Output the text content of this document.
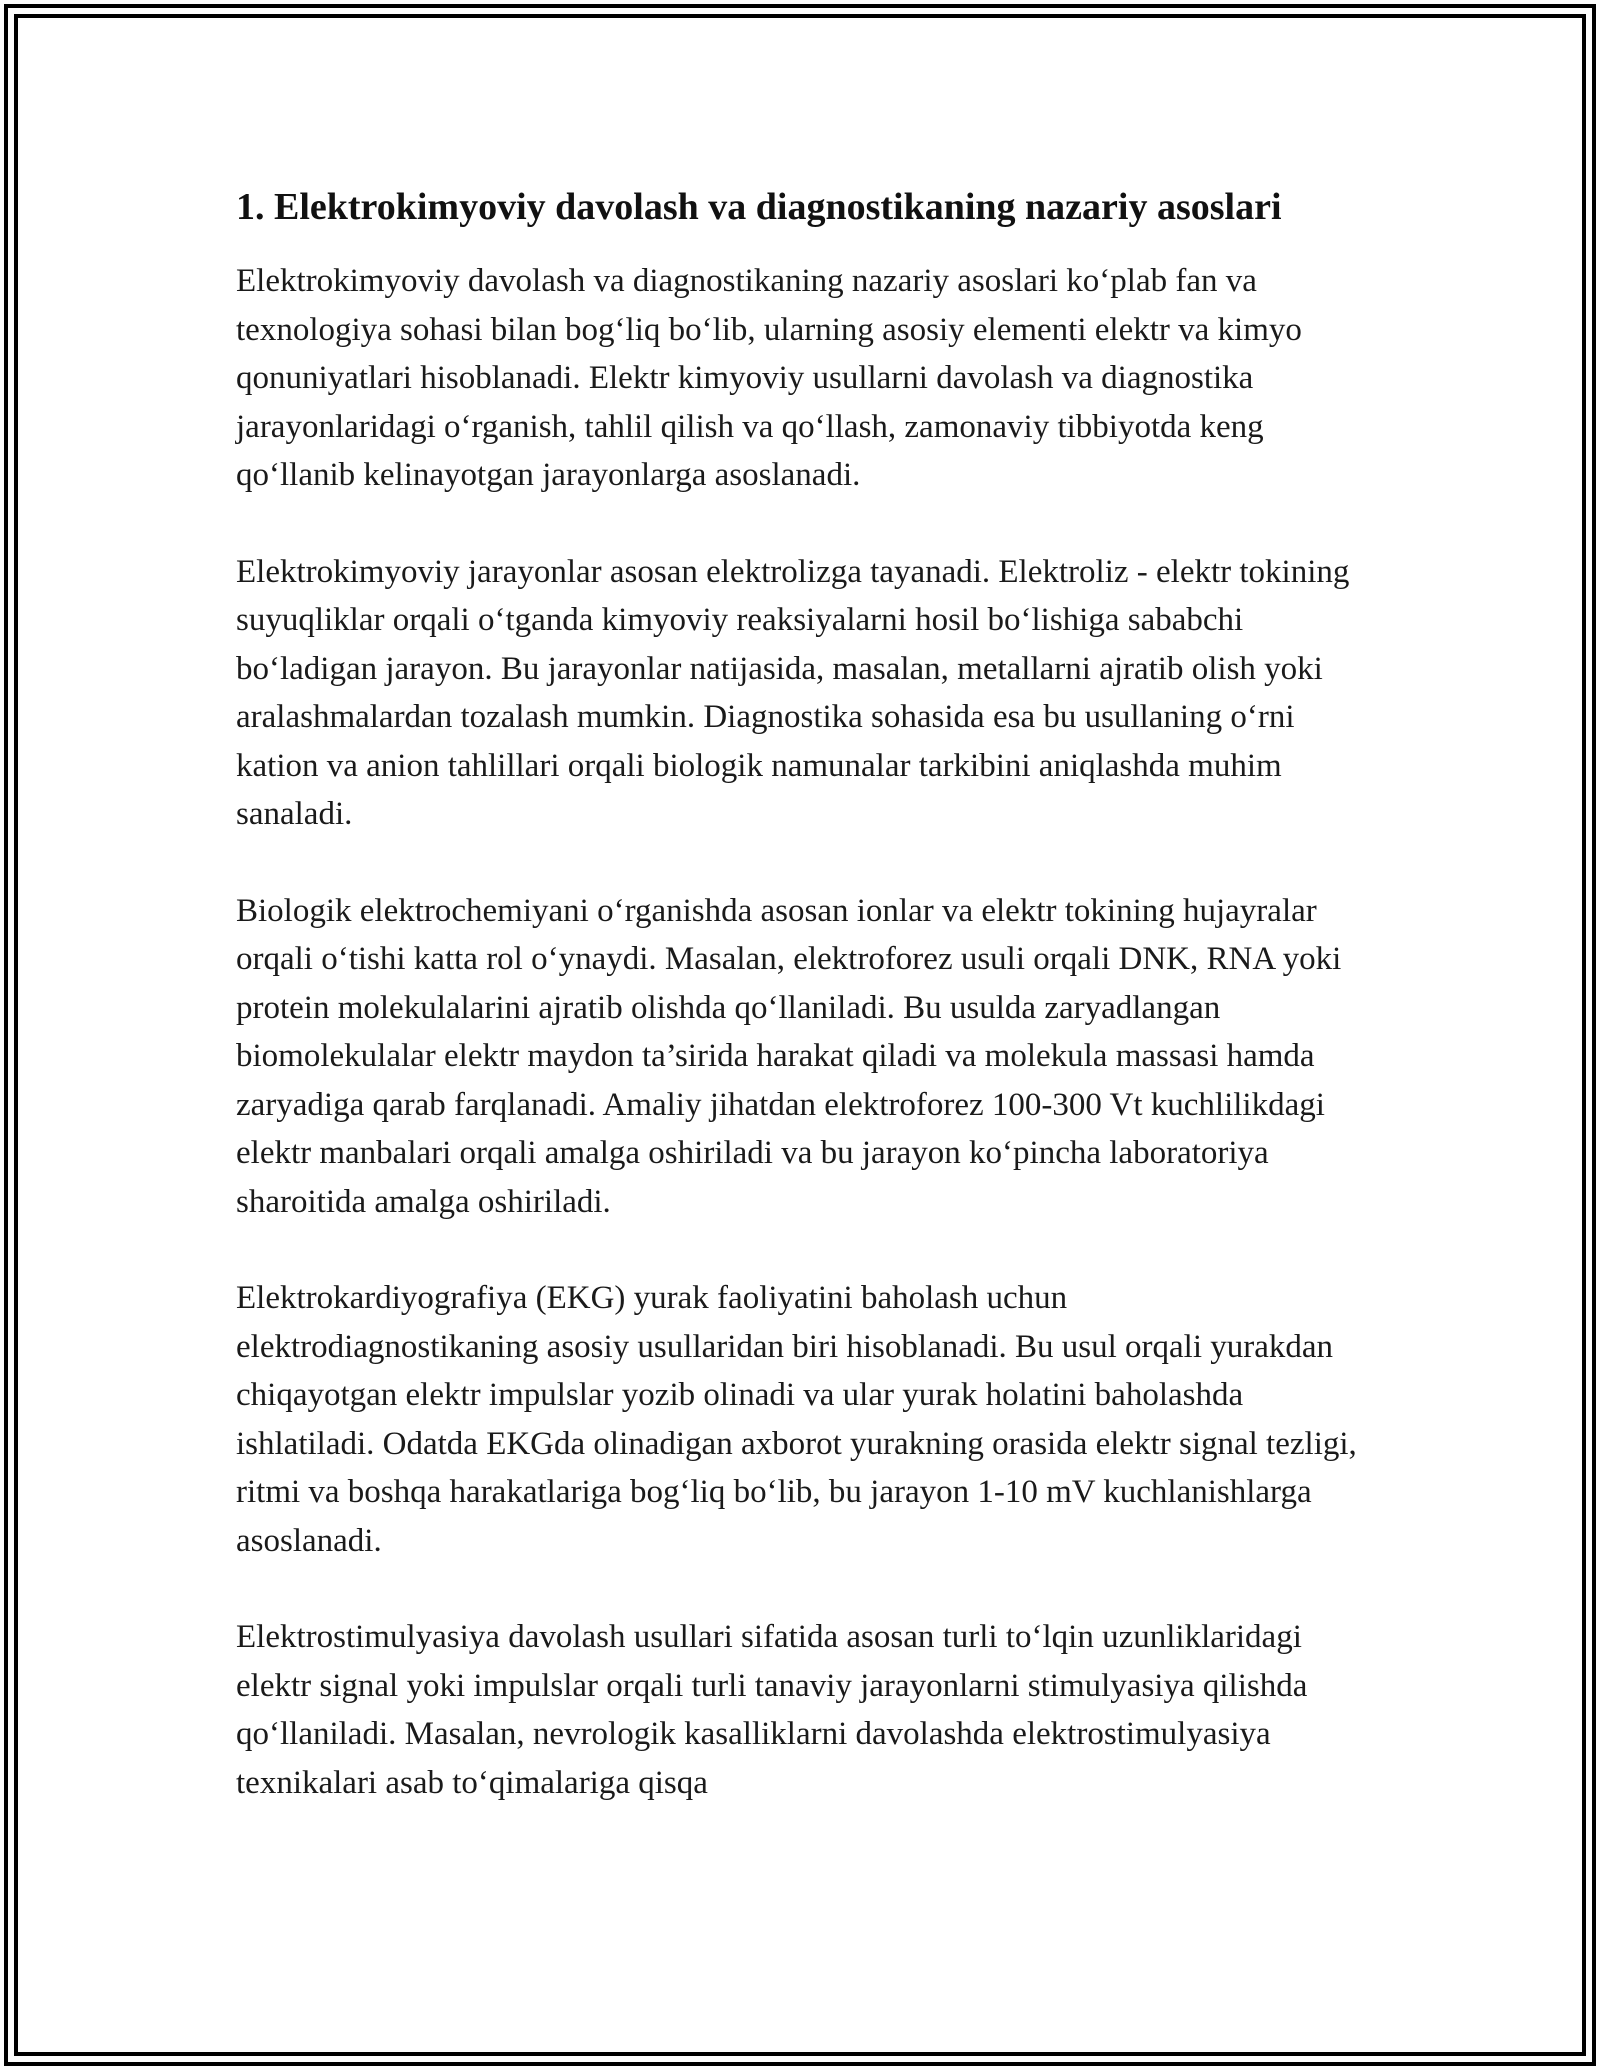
1. Elektrokimyoviy davolash va diagnostikaning nazariy asoslari

Elektrokimyoviy davolash va diagnostikaning nazariy asoslari ko‘plab fan va texnologiya sohasi bilan bog‘liq bo‘lib, ularning asosiy elementi elektr va kimyo qonuniyatlari hisoblanadi. Elektr kimyoviy usullarni davolash va diagnostika jarayonlaridagi o‘rganish, tahlil qilish va qo‘llash, zamonaviy tibbiyotda keng qo‘llanib kelinayotgan jarayonlarga asoslanadi.

Elektrokimyoviy jarayonlar asosan elektrolizga tayanadi. Elektroliz - elektr tokining suyuqliklar orqali o‘tganda kimyoviy reaksiyalarni hosil bo‘lishiga sababchi bo‘ladigan jarayon. Bu jarayonlar natijasida, masalan, metallarni ajratib olish yoki aralashmalardan tozalash mumkin. Diagnostika sohasida esa bu usullaning o‘rni kation va anion tahlillari orqali biologik namunalar tarkibini aniqlashda muhim sanaladi.

Biologik elektrochemiyani o‘rganishda asosan ionlar va elektr tokining hujayralar orqali o‘tishi katta rol o‘ynaydi. Masalan, elektroforez usuli orqali DNK, RNA yoki protein molekulalarini ajratib olishda qo‘llaniladi. Bu usulda zaryadlangan biomolekulalar elektr maydon ta’sirida harakat qiladi va molekula massasi hamda zaryadiga qarab farqlanadi. Amaliy jihatdan elektroforez 100-300 Vt kuchlilikdagi elektr manbalari orqali amalga oshiriladi va bu jarayon ko‘pincha laboratoriya sharoitida amalga oshiriladi.

Elektrokardiyografiya (EKG) yurak faoliyatini baholash uchun elektrodiagnostikaning asosiy usullaridan biri hisoblanadi. Bu usul orqali yurakdan chiqayotgan elektr impulslar yozib olinadi va ular yurak holatini baholashda ishlatiladi. Odatda EKGda olinadigan axborot yurakning orasida elektr signal tezligi, ritmi va boshqa harakatlariga bog‘liq bo‘lib, bu jarayon 1-10 mV kuchlanishlarga asoslanadi.

Elektrostimulyasiya davolash usullari sifatida asosan turli to‘lqin uzunliklaridagi elektr signal yoki impulslar orqali turli tanaviy jarayonlarni stimulyasiya qilishda qo‘llaniladi. Masalan, nevrologik kasalliklarni davolashda elektrostimulyasiya texnikalari asab to‘qimalariga qisqa
